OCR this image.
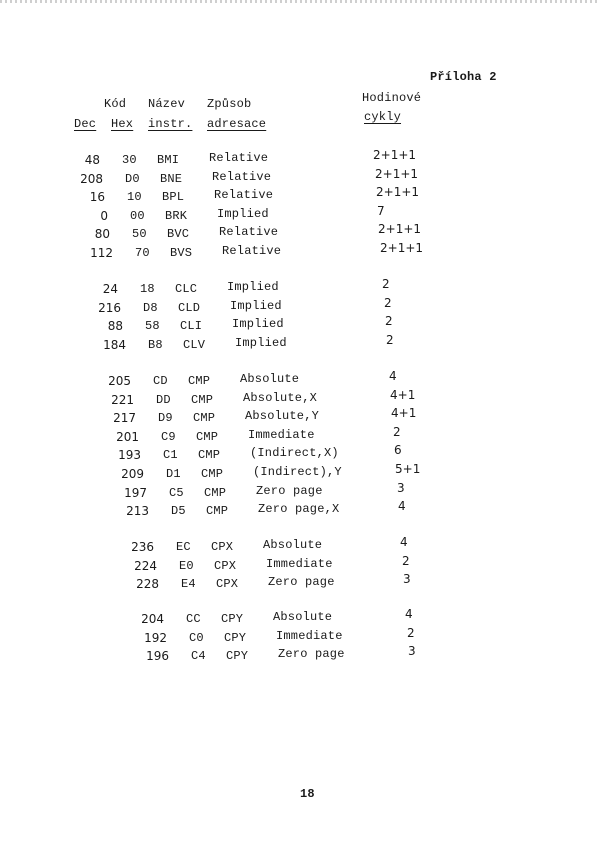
Příloha 2
Kód Název Způsob	Hodinové
Dec Hex instr. adresace	cykly
48 30 BMI Relative	2+1+1
208 D0 BNE Relative	2+1+1
16 10 BPL Relative	2+1+1
0 00 BRK Implied	7
80 50 BVC Relative	2+1+1
112 70 BVS Relative	2+1+1
24 18 CLC Implied	2
216 D8 CLD Implied	2
88 58 CLI Implied	2
184 B8 CLV Implied	2
205 CD CMP Absolute	4
221 DD CMP Absolute,X	4+1
217 D9 CMP Absolute,Y	4+1
201 C9 CMP Immediate	2
193 C1 CMP (Indirect,X)	6
209 D1 CMP (Indirect),Y	5+1
197 C5 CMP Zero page	3
213 D5 CMP Zero page,X	4
236 EC CPX Absolute	4
224 E0 CPX Immediate	2
228 E4 CPX Zero page	3
204 CC CPY Absolute	4
192 C0 CPY Immediate	2
196 C4 CPY Zero page	3
18
